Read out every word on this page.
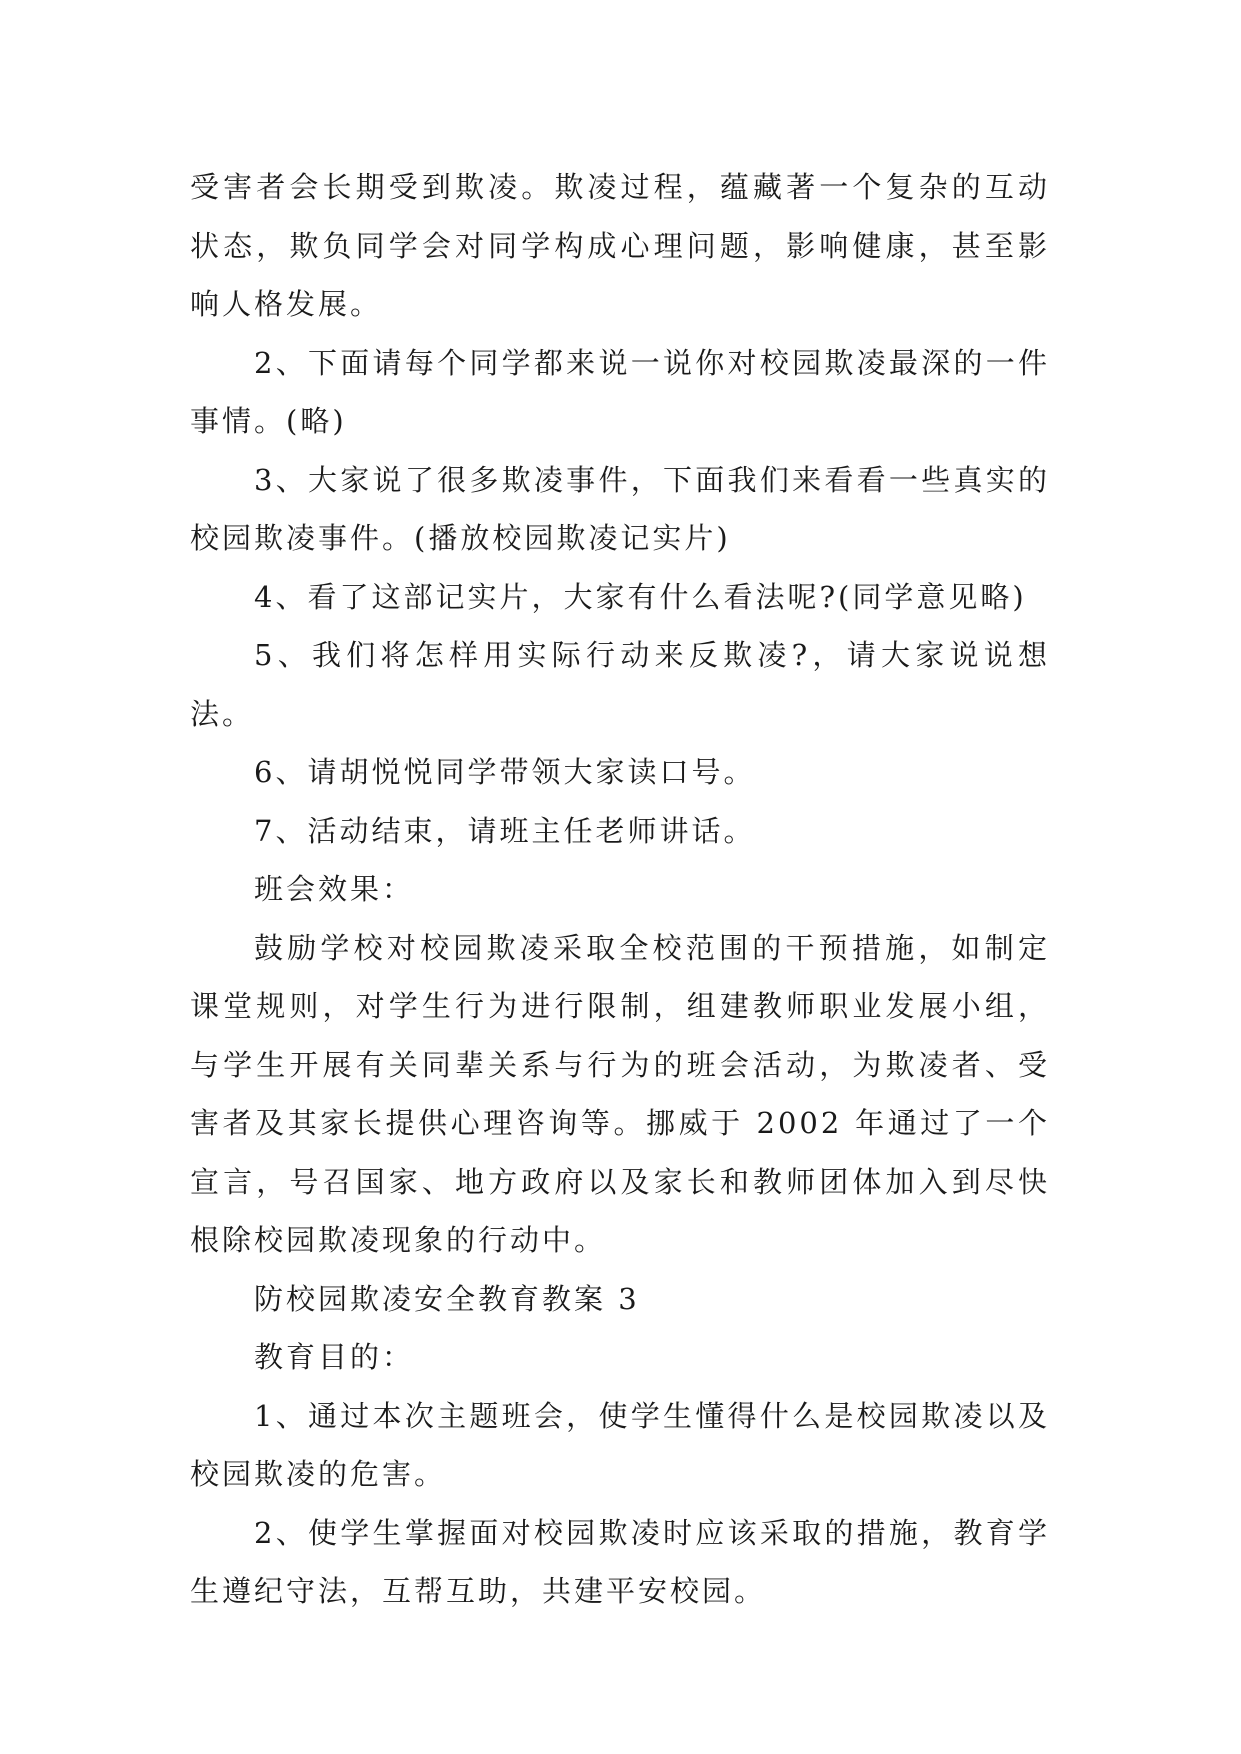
受害者会长期受到欺凌。欺凌过程，蕴藏著一个复杂的互动状态，欺负同学会对同学构成心理问题，影响健康，甚至影响人格发展。

2、下面请每个同学都来说一说你对校园欺凌最深的一件事情。(略)

3、大家说了很多欺凌事件，下面我们来看看一些真实的校园欺凌事件。(播放校园欺凌记实片)

4、看了这部记实片，大家有什么看法呢?(同学意见略)

5、我们将怎样用实际行动来反欺凌?，请大家说说想法。

6、请胡悦悦同学带领大家读口号。

7、活动结束，请班主任老师讲话。

班会效果：

鼓励学校对校园欺凌采取全校范围的干预措施，如制定课堂规则，对学生行为进行限制，组建教师职业发展小组，与学生开展有关同辈关系与行为的班会活动，为欺凌者、受害者及其家长提供心理咨询等。挪威于 2002 年通过了一个宣言，号召国家、地方政府以及家长和教师团体加入到尽快根除校园欺凌现象的行动中。

防校园欺凌安全教育教案 3

教育目的：

1、通过本次主题班会，使学生懂得什么是校园欺凌以及校园欺凌的危害。

2、使学生掌握面对校园欺凌时应该采取的措施，教育学生遵纪守法，互帮互助，共建平安校园。
